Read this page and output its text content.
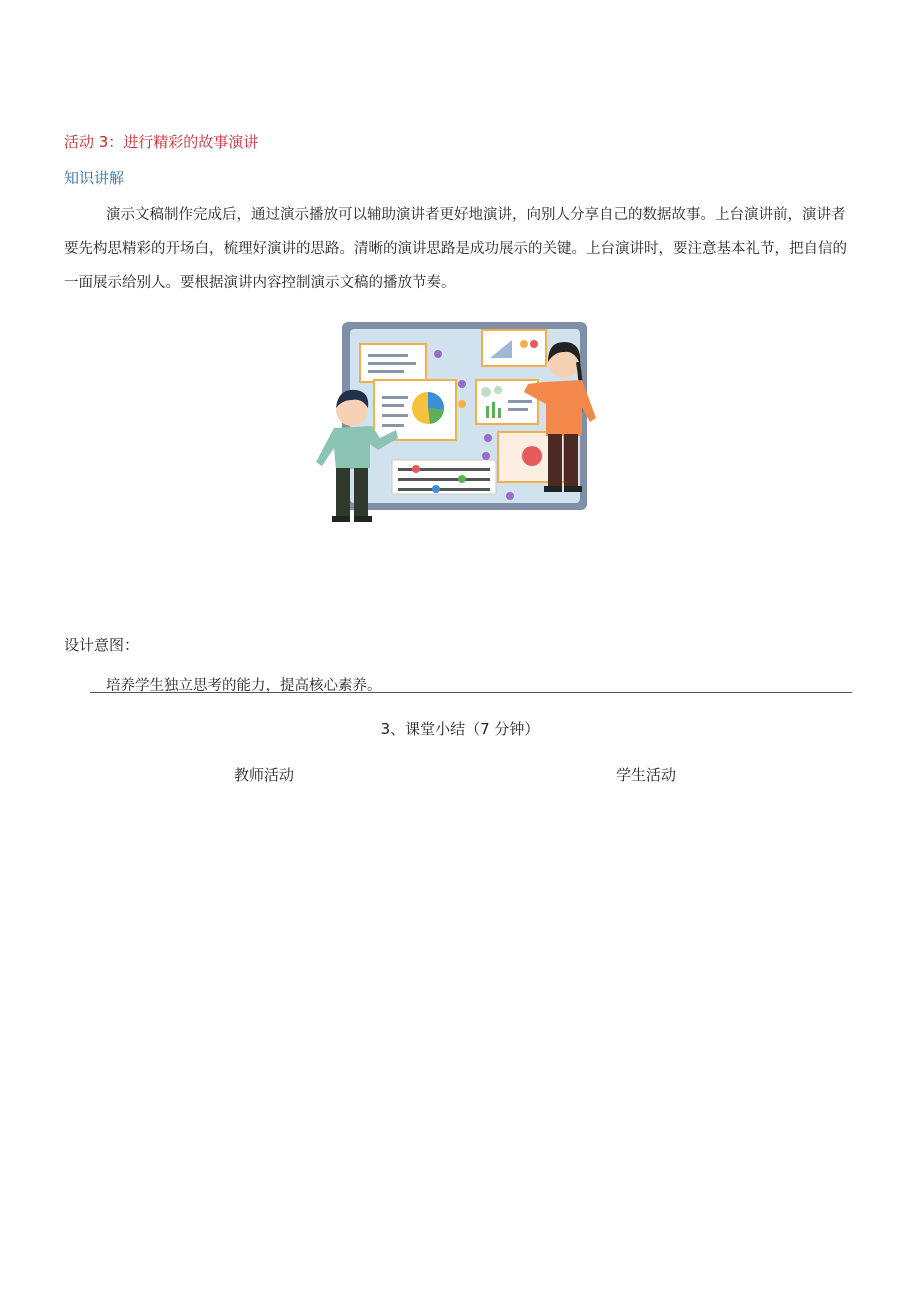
活动 3：进行精彩的故事演讲
知识讲解
演示文稿制作完成后，通过演示播放可以辅助演讲者更好地演讲，向别人分享自己的数据故事。上台演讲前，演讲者要先构思精彩的开场白，梳理好演讲的思路。清晰的演讲思路是成功展示的关键。上台演讲时，要注意基本礼节，把自信的一面展示给别人。要根据演讲内容控制演示文稿的播放节奏。
设计意图：
培养学生独立思考的能力，提高核心素养。
3、课堂小结（7 分钟）
教师活动	学生活动
